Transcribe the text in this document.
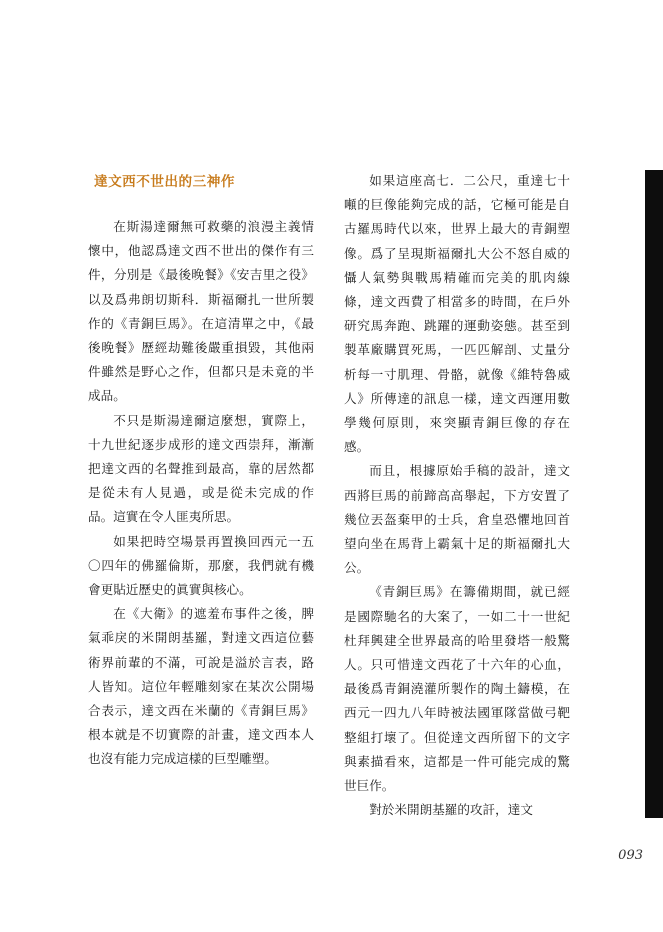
達文西不世出的三神作

在斯湯達爾無可救藥的浪漫主義情懷中，他認爲達文西不世出的傑作有三件，分別是《最後晚餐》《安吉里之役》以及爲弗朗切斯科．斯福爾扎一世所製作的《青銅巨馬》。在這清單之中，《最後晚餐》歷經劫難後嚴重損毀，其他兩件雖然是野心之作，但都只是未竟的半成品。

不只是斯湯達爾這麼想，實際上，十九世紀逐步成形的達文西崇拜，漸漸把達文西的名聲推到最高，靠的居然都是從未有人見過，或是從未完成的作品。這實在令人匪夷所思。

如果把時空場景再置換回西元一五〇四年的佛羅倫斯，那麼，我們就有機會更貼近歷史的眞實與核心。

在《大衛》的遮羞布事件之後，脾氣乖戾的米開朗基羅，對達文西這位藝術界前輩的不滿，可說是溢於言表，路人皆知。這位年輕雕刻家在某次公開場合表示，達文西在米蘭的《青銅巨馬》根本就是不切實際的計畫，達文西本人也沒有能力完成這樣的巨型雕塑。

如果這座高七．二公尺，重達七十噸的巨像能夠完成的話，它極可能是自古羅馬時代以來，世界上最大的青銅塑像。爲了呈現斯福爾扎大公不怒自威的懾人氣勢與戰馬精確而完美的肌肉線條，達文西費了相當多的時間，在戶外研究馬奔跑、跳躍的運動姿態。甚至到製革廠購買死馬，一匹匹解剖、丈量分析每一寸肌理、骨骼，就像《維特魯威人》所傳達的訊息一樣，達文西運用數學幾何原則，來突顯青銅巨像的存在感。

而且，根據原始手稿的設計，達文西將巨馬的前蹄高高舉起，下方安置了幾位丟盔棄甲的士兵，倉皇恐懼地回首望向坐在馬背上霸氣十足的斯福爾扎大公。

《青銅巨馬》在籌備期間，就已經是國際馳名的大案了，一如二十一世紀杜拜興建全世界最高的哈里發塔一般驚人。只可惜達文西花了十六年的心血，最後爲青銅澆灌所製作的陶土鑄模，在西元一四九八年時被法國軍隊當做弓靶整組打壞了。但從達文西所留下的文字與素描看來，這都是一件可能完成的驚世巨作。

對於米開朗基羅的攻訐，達文

093
